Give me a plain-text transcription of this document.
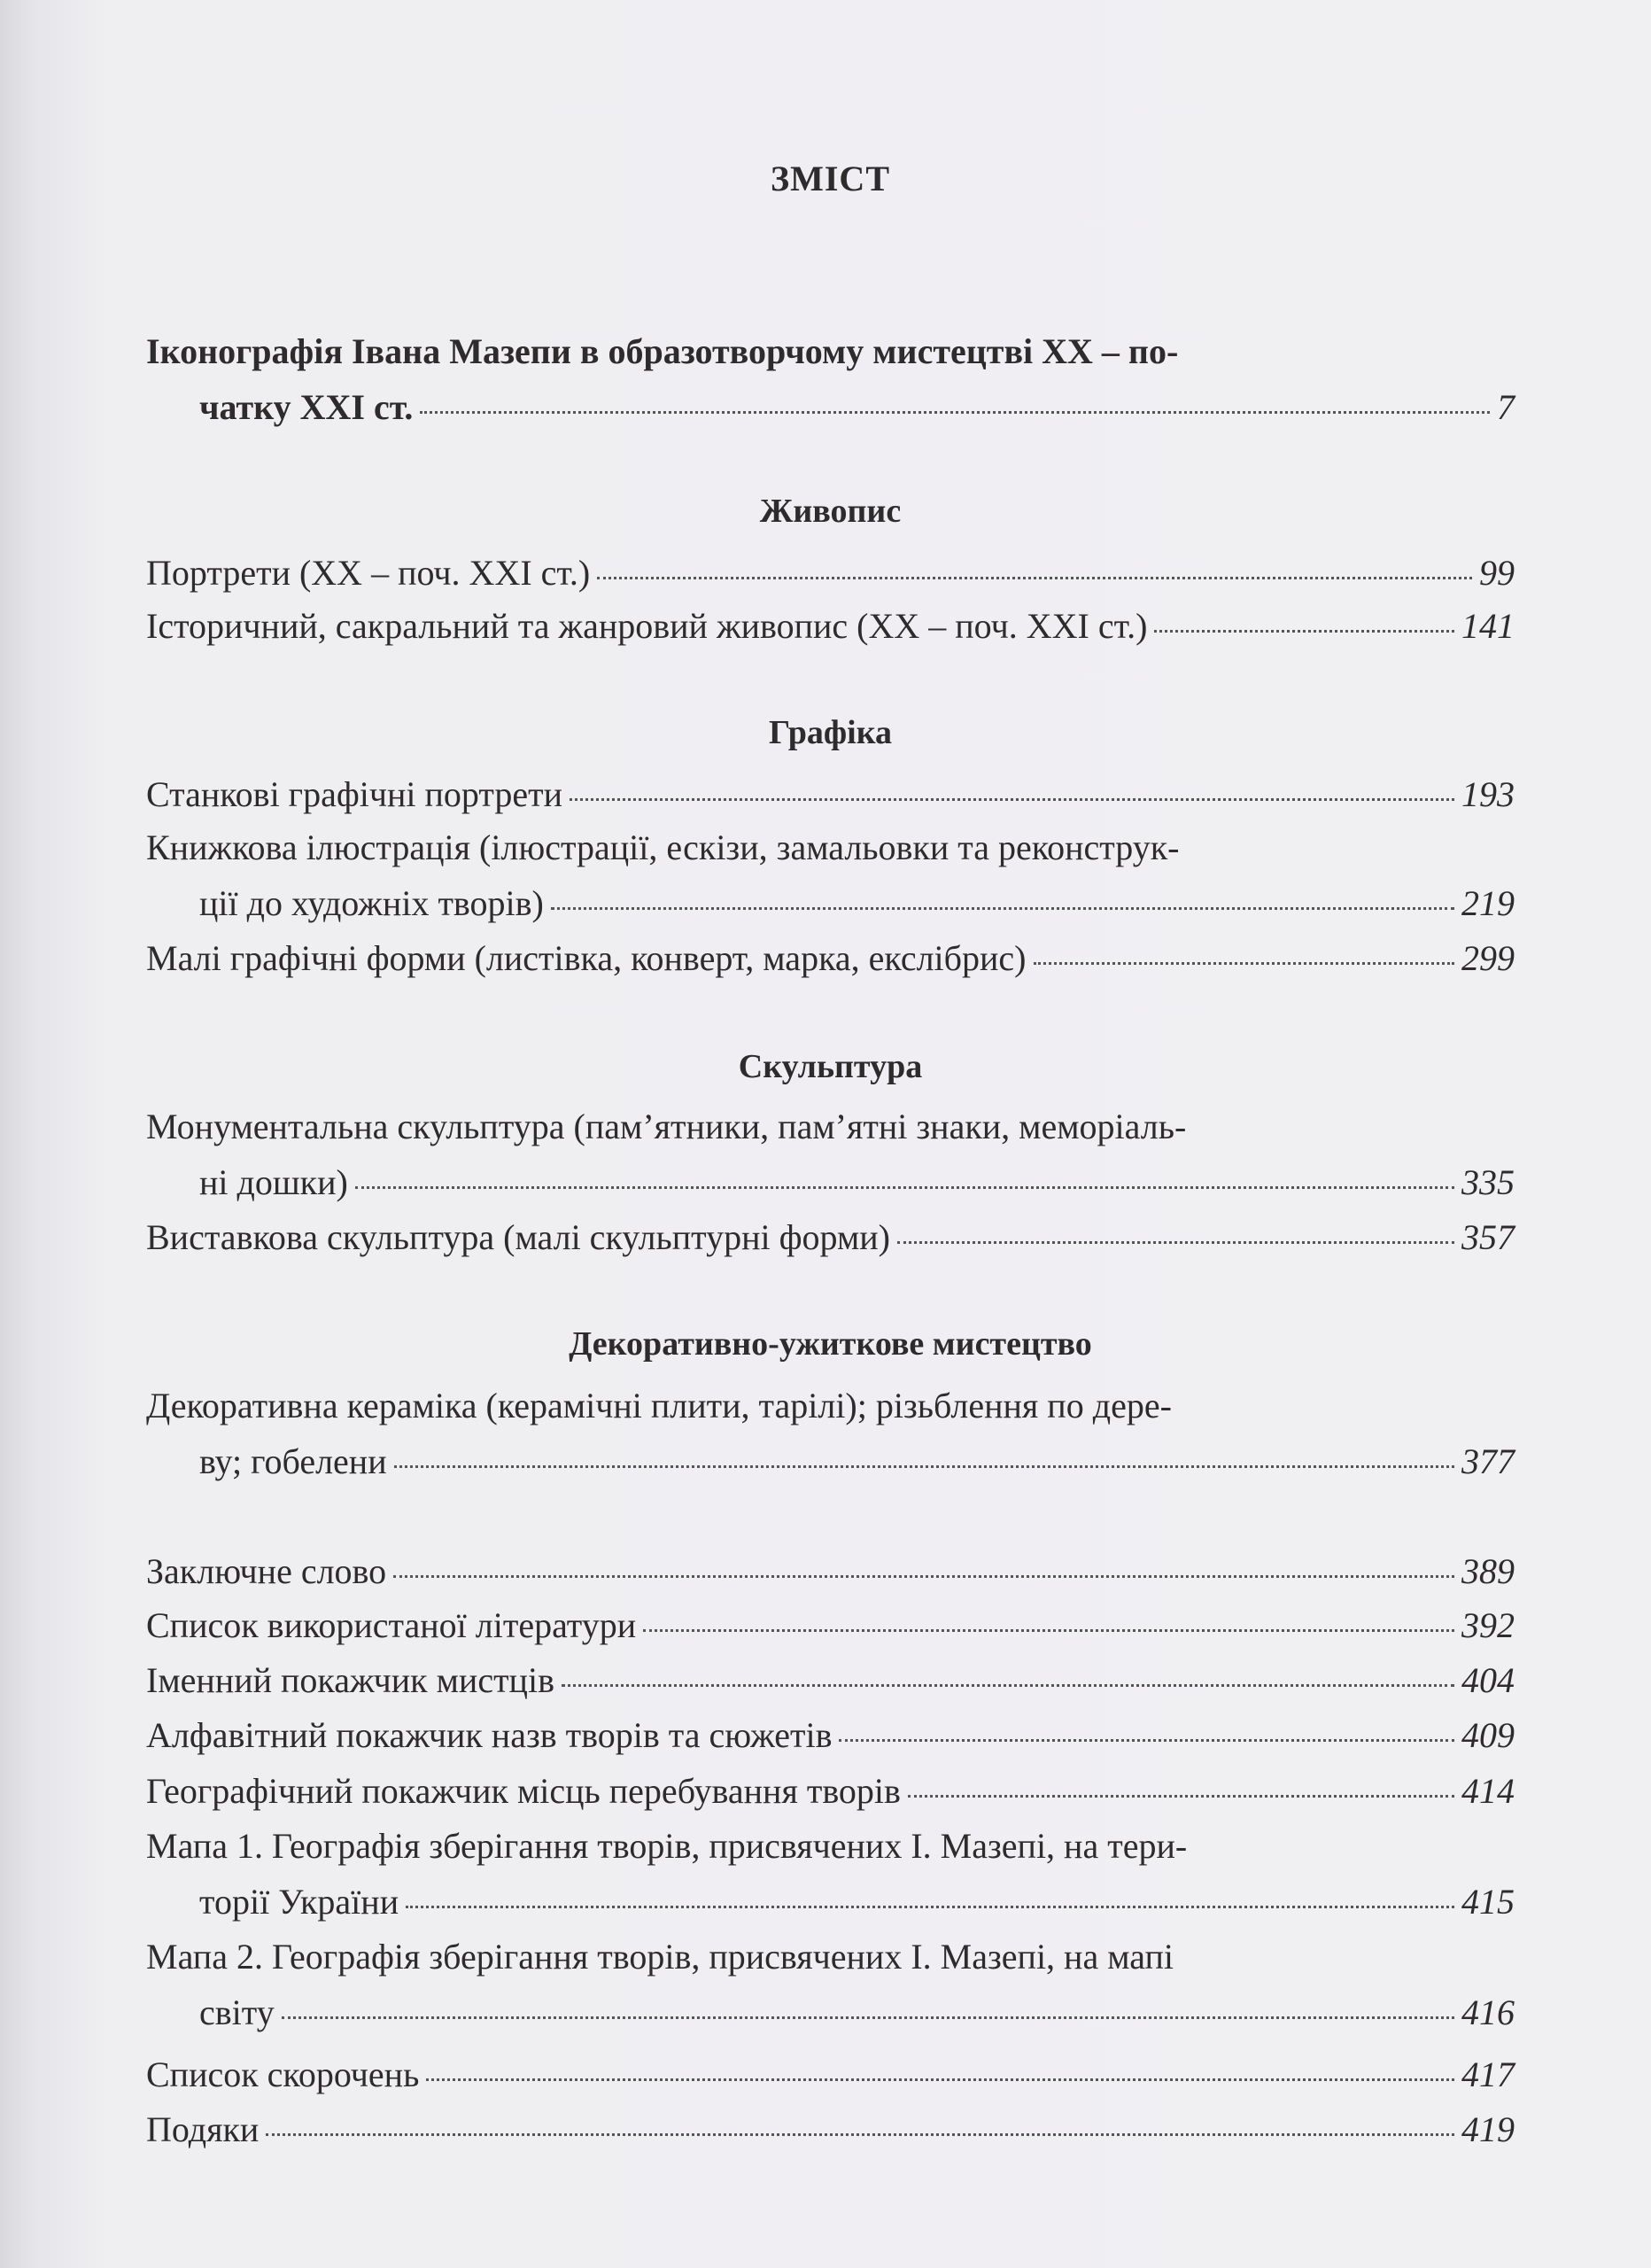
ЗМІСТ
Іконографія Івана Мазепи в образотворчому мистецтві XX – по-
чатку XXI ст.	7
Живопис
Портрети (XX – поч. XXI ст.)	99
Історичний, сакральний та жанровий живопис (XX – поч. XXI ст.)	141
Графіка
Станкові графічні портрети	193
Книжкова ілюстрація (ілюстрації, ескізи, замальовки та реконструк-
ції до художніх творів)	219
Малі графічні форми (листівка, конверт, марка, екслібрис)	299
Скульптура
Монументальна скульптура (пам’ятники, пам’ятні знаки, меморіаль-
ні дошки)	335
Виставкова скульптура (малі скульптурні форми)	357
Декоративно-ужиткове мистецтво
Декоративна кераміка (керамічні плити, тарілі); різьблення по дере-
ву; гобелени	377
Заключне слово	389
Список використаної літератури	392
Іменний покажчик мистців	404
Алфавітний покажчик назв творів та сюжетів	409
Географічний покажчик місць перебування творів	414
Мапа 1. Географія зберігання творів, присвячених І. Мазепі, на тери-
торії України	415
Мапа 2. Географія зберігання творів, присвячених І. Мазепі, на мапі
світу	416
Список скорочень	417
Подяки	419
